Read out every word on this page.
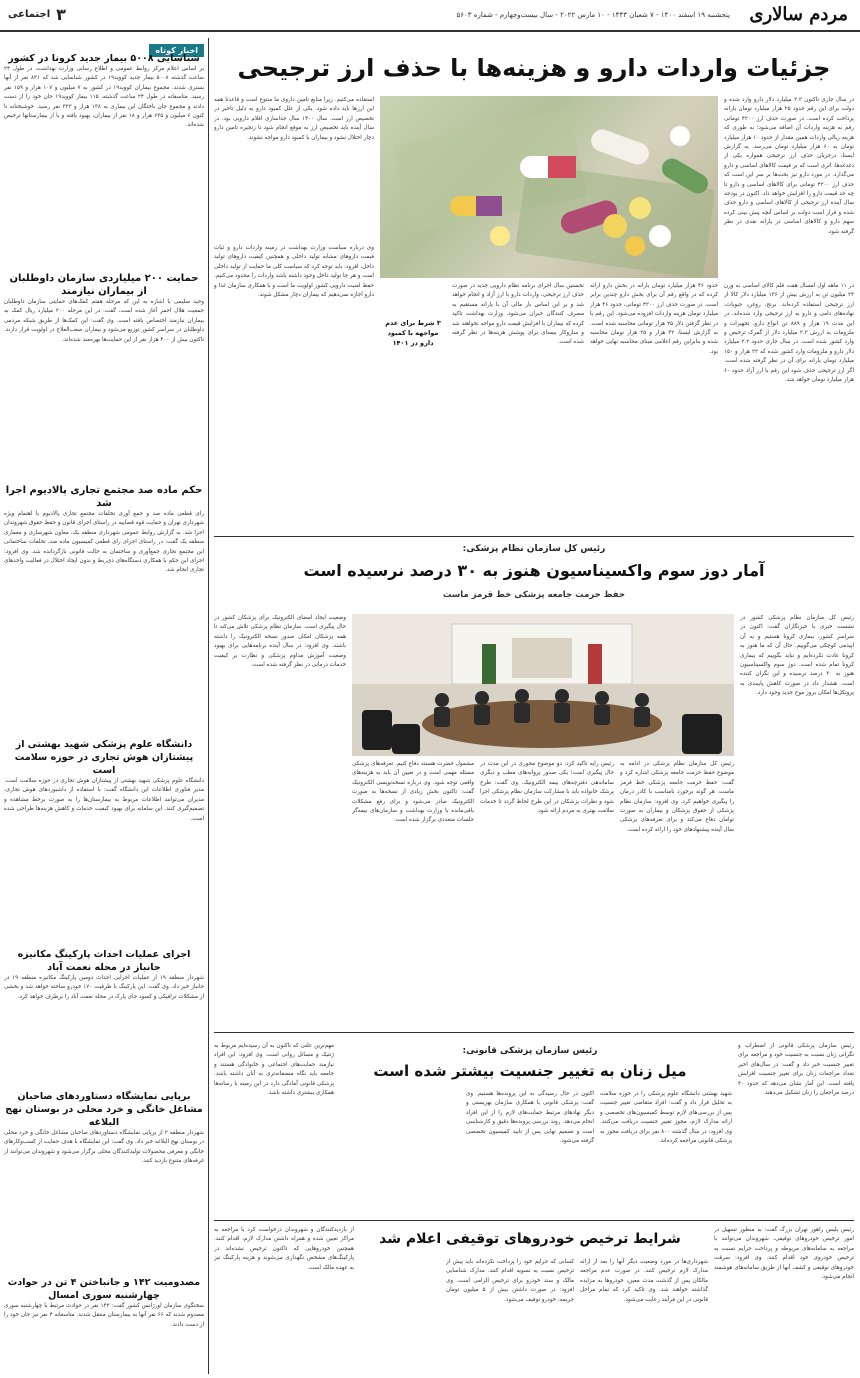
مردم سالاری
پنجشنبه ۱۹ اسفند ۱۴۰۰ - ۷ شعبان ۱۴۴۳ - ۱۰ مارس ۲۰۲۲ - سال بیست‌وچهارم - شماره ۵۶۰۳
۳
اجتماعی
اخبار کوتاه
شناسایی ۵۰۰۸ بیمار جدید کرونا در کشور
بر اساس اعلام مرکز روابط عمومی و اطلاع رسانی وزارت بهداشت، در طول ۲۴ ساعت گذشته ۵۰۰۸ بیمار جدید کووید۱۹ در کشور شناسایی شد که ۸۳۱ نفر از آنها بستری شدند. مجموع بیماران کووید۱۹ در کشور به ۷ میلیون و ۱۰۷ هزار و ۱۵۹ نفر رسید. متاسفانه در طول ۲۴ ساعت گذشته، ۱۱۵ بیمار کووید۱۹ جان خود را از دست دادند و مجموع جان باختگان این بیماری به ۱۳۸ هزار و ۳۲۳ نفر رسید. خوشبختانه تا کنون ۶ میلیون و ۶۳۵ هزار و ۱۸ نفر از بیماران، بهبود یافته و یا از بیمارستانها ترخیص شده‌اند.
حمایت ۲۰۰ میلیاردی سازمان داوطلبان از بیماران نیازمند
وحید سلیمی با اشاره به این که مرحله هفتم کمک‌های حمایتی سازمان داوطلبان جمعیت هلال احمر آغاز شده است، گفت: در این مرحله ۲۰۰ میلیارد ریال کمک به بیماران نیازمند اختصاص یافته است. وی گفت: این کمک‌ها از طریق شبکه مردمی داوطلبان در سراسر کشور توزیع می‌شود و بیماران صعب‌العلاج در اولویت قرار دارند. تاکنون بیش از ۴۰۰ هزار نفر از این حمایت‌ها بهره‌مند شده‌اند.
حکم ماده صد مجتمع تجاری پالادیوم اجرا شد
رای قطعی ماده صد و جمع آوری تخلفات مجتمع تجاری پالادیوم با اهتمام ویژه شهرداری تهران و حمایت قوه قضاییه در راستای اجرای قانون و حفظ حقوق شهروندان اجرا شد. به گزارش روابط عمومی شهرداری منطقه یک، معاون شهرسازی و معماری منطقه یک گفت: در راستای اجرای رای قطعی کمیسیون ماده صد، تخلفات ساختمانی این مجتمع تجاری جمع‌آوری و ساختمان به حالت قانونی بازگردانده شد. وی افزود: اجرای این حکم با همکاری دستگاه‌های ذی‌ربط و بدون ایجاد اختلال در فعالیت واحدهای تجاری انجام شد.
دانشگاه علوم پزشکی شهید بهشتی از پیشتازان هوش تجاری در حوزه سلامت است
دانشگاه علوم پزشکی شهید بهشتی از پیشتازان هوش تجاری در حوزه سلامت است. مدیر فناوری اطلاعات این دانشگاه گفت: با استفاده از داشبوردهای هوش تجاری، مدیران می‌توانند اطلاعات مربوط به بیمارستان‌ها را به صورت برخط مشاهده و تصمیم‌گیری کنند. این سامانه برای بهبود کیفیت خدمات و کاهش هزینه‌ها طراحی شده است.
اجرای عملیات احداث پارکینگ مکانیزه جانباز در محله نعمت آباد
شهردار منطقه ۱۹ از عملیات اجرایی احداث دومین پارکینگ مکانیزه منطقه ۱۹ در جانباز خبر داد. وی گفت: این پارکینگ با ظرفیت ۱۷۰ خودرو ساخته خواهد شد و بخشی از مشکلات ترافیکی و کمبود جای پارک در محله نعمت آباد را برطرف خواهد کرد.
برپایی نمایشگاه دستاوردهای صاحبان مشاغل خانگی و خرد محلی در بوستان نهج البلاغه
شهردار منطقه ۲ از برپایی نمایشگاه دستاوردهای صاحبان مشاغل خانگی و خرد محلی در بوستان نهج البلاغه خبر داد. وی گفت: این نمایشگاه با هدف حمایت از کسب‌وکارهای خانگی و معرفی محصولات تولیدکنندگان محلی برگزار می‌شود و شهروندان می‌توانند از غرفه‌های متنوع بازدید کنند.
مصدومیت ۱۴۲ و جانباختن ۴ تن در حوادث چهارشنبه سوری امسال
سخنگوی سازمان اورژانس کشور گفت: ۱۴۲ نفر در حوادث مرتبط با چهارشنبه سوری مصدوم شدند که ۶۶ نفر آنها به بیمارستان منتقل شدند. متاسفانه ۴ نفر نیز جان خود را از دست دادند.
جزئیات واردات دارو و هزینه‌ها با حذف ارز ترجیحی
در سال جاری تاکنون ۲.۳ میلیارد دلار دارو وارد شده و دولت برای این رقم حدود ۲۵ هزار میلیارد تومان یارانه پرداخت کرده است. در صورت حذف ارز ۴۲۰۰ تومانی رقم به هزینه واردات آن اضافه می‌شود؛ به طوری که هزینه ریالی واردات همین مقدار از حدود ۱۰ هزار میلیارد تومان به ۶۰ هزار میلیارد تومان می‌رسد. به گزارش ایسنا، درجریان حذف ارز ترجیحی همواره یکی از دغدغه‌ها، اثری است که بر قیمت کالاهای اساسی و دارو می‌گذارد. در مورد دارو نیز بحث‌ها بر سر این است که حذف ارز ۴۲۰۰ تومانی برای کالاهای اساسی و دارو تا چه حد قیمت دارو را افزایش خواهد داد. اکنون در بودجه سال آینده ارز ترجیحی از کالاهای اساسی و دارو حذف شده و قرار است دولت بر اساس آنچه پیش بینی کرده سهم دارو و کالاهای اساسی در یارانه نقدی در نظر گرفته شود.
در ۱۱ ماهه اول امسال هفت قلم کالای اساسی به وزن ۲۴ میلیون تن به ارزش بیش از ۱۳۶ میلیارد دلار کالا از ارز ترجیحی استفاده کرده‌اند. برنج، روغن، حبوبات، نهاده‌های دامی و دارو به ارز ترجیحی وارد شده‌اند. در این مدت ۱۹ هزار و ۸۸۹ تن انواع دارو، تجهیزات و ملزومات به ارزش ۲.۳ میلیارد دلار از گمرک ترخیص و وارد کشور شده است. در سال جاری حدود ۲.۲ میلیارد دلار دارو و ملزومات وارد کشور شده که ۲۲ هزار و ۱۵۰ میلیارد تومان یارانه برای آن در نظر گرفته شده است. اگر ارز ترجیحی حذف شود این رقم با ارز آزاد حدود ۶۰ هزار میلیارد تومان خواهد شد.
حدود ۴۶ هزار میلیارد تومان یارانه در بخش دارو ارائه کرده که در واقع رقم آن برای بخش دارو چندین برابر است. در صورت حذف ارز ۴۲۰۰ تومانی، حدود ۴۶ هزار میلیارد تومان هزینه واردات افزوده می‌شود. این رقم با در نظر گرفتن دلار ۲۵ هزار تومانی محاسبه شده است. به گزارش ایسنا، ۳۲ هزار و ۲۵ هزار تومان محاسبه شده و بنابراین رقم اعلامی مبنای محاسبه نهایی خواهد بود.
نخستین سال اجرای برنامه نظام دارویی جدید در صورت حذف ارز ترجیحی، واردات دارو با ارز آزاد و انجام خواهد شد و بر این اساس بار مالی آن با یارانه مستقیم به مصرف کنندگان جبران می‌شود. وزارت بهداشت تاکید کرده که بیماران با افزایش قیمت دارو مواجه نخواهند شد و سازوکار بیمه‌ای برای پوشش هزینه‌ها در نظر گرفته شده است.
استفاده می‌کنیم. زیرا منابع تامین داروی ما متنوع است و قاعدتا همه این ارزها باید داده شود. یکی از علل کمبود دارو به دلیل تاخیر در تخصیص ارز است. سال ۱۴۰۰ سال جداسازی اقلام دارویی بود. در سال آینده باید تخصیص ارز به موقع انجام شود تا زنجیره تامین دارو دچار اختلال نشود و بیماران با کمبود دارو مواجه نشوند.
وی درباره سیاست وزارت بهداشت در زمینه واردات دارو و ثبات قیمت داروهای مشابه تولید داخلی و همچنین کیفیت داروهای تولید داخل، افزود: باید توجه کرد که سیاست کلی ما حمایت از تولید داخلی است و هر جا تولید داخل وجود داشته باشد واردات را محدود می‌کنیم. حفظ امنیت دارویی کشور اولویت ما است و با همکاری سازمان غذا و دارو اجازه نمی‌دهیم که بیماران دچار مشکل شوند.
۳ شرط برای عدم مواجهه با کمبود دارو در ۱۴۰۱
رئیس کل سازمان نظام پزشکی:
آمار دوز سوم واکسیناسیون هنوز به ۳۰ درصد نرسیده است
حفظ حرمت جامعه پزشکی خط قرمز ماست
رئیس کل سازمان نظام پزشکی کشور در نشست خبری با خبرنگاران گفت: اکنون در سراسر کشور، بیماری کرونا هستیم و به آن اپیدمی کوچکی می‌گوییم. حال آن که ما هنوز به کرونا عادت نکرده‌ایم و نباید بگوییم که بیماری کرونا تمام شده است. دوز سوم واکسیناسیون هنوز به ۳۰ درصد نرسیده و این نگران کننده است. هشدار داد در صورت کاهش پایبندی به پروتکل‌ها امکان بروز موج جدید وجود دارد.
رئیس کل سازمان نظام پزشکی در ادامه به موضوع حفظ حرمت جامعه پزشکی اشاره کرد و گفت: حفظ حرمت جامعه پزشکی خط قرمز ماست. هر گونه برخورد نامناسب با کادر درمان را پیگیری خواهیم کرد. وی افزود: سازمان نظام پزشکی از حقوق پزشکان و بیماران به صورت توامان دفاع می‌کند و برای تعرفه‌های پزشکی سال آینده پیشنهادهای خود را ارائه کرده است.
رئیس رایه تاکید کرد: دو موضوع محوری در این مدت در حال پیگیری است؛ یکی صدور پروانه‌های مطب و دیگری ساماندهی دفترچه‌های بیمه الکترونیک. وی گفت: طرح پزشک خانواده باید با مشارکت سازمان نظام پزشکی اجرا شود و نظرات پزشکان در این طرح لحاظ گردد تا خدمات سلامت بهتری به مردم ارائه شود.
مشمول حضرت هستند دفاع کنیم. تعرفه‌های پزشکی مسئله مهمی است و در تعیین آن باید به هزینه‌های واقعی توجه شود. وی درباره نسخه‌نویسی الکترونیک گفت: تاکنون بخش زیادی از نسخه‌ها به صورت الکترونیک صادر می‌شود و برای رفع مشکلات باقی‌مانده با وزارت بهداشت و سازمان‌های بیمه‌گر جلسات متعددی برگزار شده است.
وضعیت ایجاد امضای الکترونیک برای پزشکان کشور در حال پیگیری است. سازمان نظام پزشکی تلاش می‌کند تا همه پزشکان امکان صدور نسخه الکترونیک را داشته باشند. وی افزود: در سال آینده برنامه‌هایی برای بهبود وضعیت آموزش مداوم پزشکی و نظارت بر کیفیت خدمات درمانی در نظر گرفته شده است.
رئیس سازمان پزشکی قانونی:
میل زنان به تغییر جنسیت بیشتر شده است
رئیس سازمان پزشکی قانونی از اضطراب و نگرانی زنان نسبت به جنسیت خود و مراجعه برای تغییر جنسیت خبر داد و گفت: در سال‌های اخیر تعداد مراجعات زنان برای تغییر جنسیت افزایش یافته است. این آمار نشان می‌دهد که حدود ۴۰ درصد مراجعان را زنان تشکیل می‌دهند.
شهید بهشتی دانشگاه علوم پزشکی را در حوزه سلامت به تحلیل قرار داد و گفت: افراد متقاضی تغییر جنسیت پس از بررسی‌های لازم توسط کمیسیون‌های تخصصی و ارائه مدارک لازم، مجوز تغییر جنسیت دریافت می‌کنند. وی افزود: در سال گذشته ۸۰۰ نفر برای دریافت مجوز به پزشکی قانونی مراجعه کرده‌اند.
اکنون در حال رسیدگی به این پرونده‌ها هستیم. وی گفت: پزشکی قانونی با همکاری سازمان بهزیستی و دیگر نهادهای مرتبط حمایت‌های لازم را از این افراد انجام می‌دهد. روند بررسی پرونده‌ها دقیق و کارشناسی است و تصمیم نهایی پس از تایید کمیسیون تخصصی گرفته می‌شود.
مهم‌ترین علتی که تاکنون به آن رسیده‌ایم مربوط به ژنتیک و مسائل روانی است. وی افزود: این افراد نیازمند حمایت‌های اجتماعی و خانوادگی هستند و جامعه باید نگاه منصفانه‌تری به آنان داشته باشد. پزشکی قانونی آمادگی دارد در این زمینه با رسانه‌ها همکاری بیشتری داشته باشد.
شرایط ترخیص خودروهای توقیفی اعلام شد
رئیس پلیس راهور تهران بزرگ گفت: به منظور تسهیل در امور ترخیص خودروهای توقیفی، شهروندان می‌توانند با مراجعه به سامانه‌های مربوطه و پرداخت جرایم نسبت به ترخیص خودروی خود اقدام کنند. وی افزود: سرقت خودروهای توقیفی و کشف آنها از طریق سامانه‌های هوشمند انجام می‌شود.
شهرداری‌ها در مورد وضعیت دیگر آنها را بعد از ارائه مدارک لازم ترخیص کنند. در صورت عدم مراجعه مالکان پس از گذشت مدت معین، خودروها به مزایده گذاشته خواهند شد. وی تاکید کرد که تمام مراحل قانونی در این فرآیند رعایت می‌شود.
کسانی که جرایم خود را پرداخت نکرده‌اند باید پیش از ترخیص نسبت به تسویه اقدام کنند. مدارک شناسایی مالک و سند خودرو برای ترخیص الزامی است. وی افزود: در صورت داشتن بیش از ۵ میلیون تومان جریمه، خودرو توقیف می‌شود.
از بازدیدکنندگان و شهروندان درخواست کرد با مراجعه به مراکز تعیین شده و همراه داشتن مدارک لازم، اقدام کنند. همچنین خودروهایی که تاکنون ترخیص نشده‌اند در پارکینگ‌های مشخص نگهداری می‌شوند و هزینه پارکینگ نیز به عهده مالک است.
